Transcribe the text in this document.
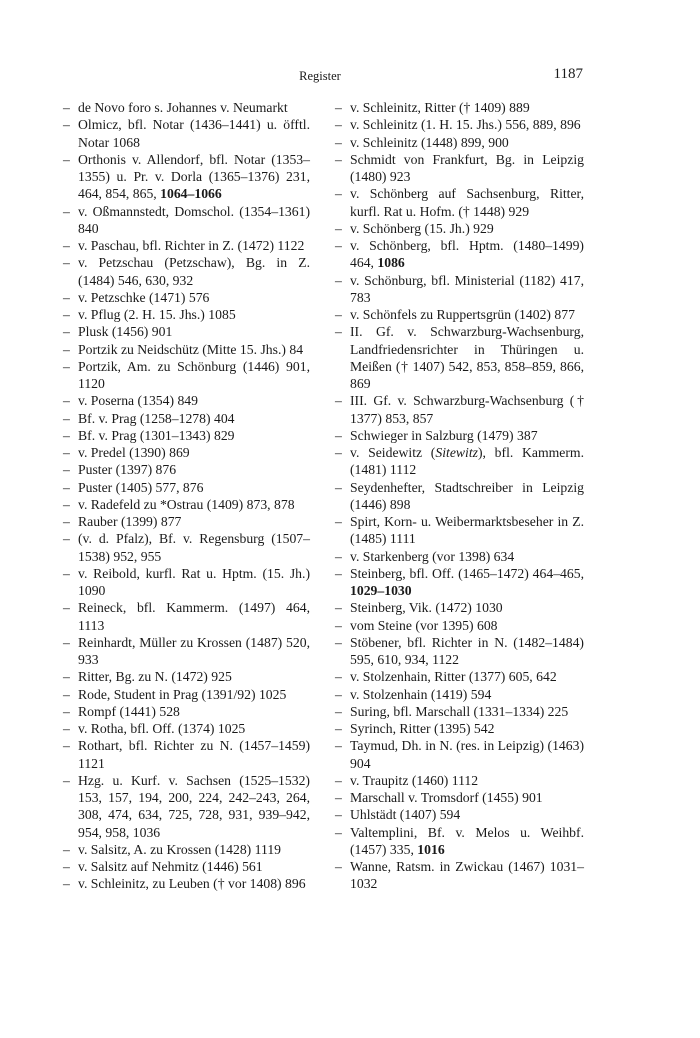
Register	1187
– de Novo foro s. Johannes v. Neumarkt
– Olmicz, bfl. Notar (1436–1441) u. öfftl. Notar 1068
– Orthonis v. Allendorf, bfl. Notar (1353–1355) u. Pr. v. Dorla (1365–1376) 231, 464, 854, 865, 1064–1066
– v. Oßmannstedt, Domschol. (1354–1361) 840
– v. Paschau, bfl. Richter in Z. (1472) 1122
– v. Petzschau (Petzschaw), Bg. in Z. (1484) 546, 630, 932
– v. Petzschke (1471) 576
– v. Pflug (2. H. 15. Jhs.) 1085
– Plusk (1456) 901
– Portzik zu Neidschütz (Mitte 15. Jhs.) 84
– Portzik, Am. zu Schönburg (1446) 901, 1120
– v. Poserna (1354) 849
– Bf. v. Prag (1258–1278) 404
– Bf. v. Prag (1301–1343) 829
– v. Predel (1390) 869
– Puster (1397) 876
– Puster (1405) 577, 876
– v. Radefeld zu *Ostrau (1409) 873, 878
– Rauber (1399) 877
– (v. d. Pfalz), Bf. v. Regensburg (1507–1538) 952, 955
– v. Reibold, kurfl. Rat u. Hptm. (15. Jh.) 1090
– Reineck, bfl. Kammerm. (1497) 464, 1113
– Reinhardt, Müller zu Krossen (1487) 520, 933
– Ritter, Bg. zu N. (1472) 925
– Rode, Student in Prag (1391/92) 1025
– Rompf (1441) 528
– v. Rotha, bfl. Off. (1374) 1025
– Rothart, bfl. Richter zu N. (1457–1459) 1121
– Hzg. u. Kurf. v. Sachsen (1525–1532) 153, 157, 194, 200, 224, 242–243, 264, 308, 474, 634, 725, 728, 931, 939–942, 954, 958, 1036
– v. Salsitz, A. zu Krossen (1428) 1119
– v. Salsitz auf Nehmitz (1446) 561
– v. Schleinitz, zu Leuben († vor 1408) 896
– v. Schleinitz, Ritter († 1409) 889
– v. Schleinitz (1. H. 15. Jhs.) 556, 889, 896
– v. Schleinitz (1448) 899, 900
– Schmidt von Frankfurt, Bg. in Leipzig (1480) 923
– v. Schönberg auf Sachsenburg, Ritter, kurfl. Rat u. Hofm. († 1448) 929
– v. Schönberg (15. Jh.) 929
– v. Schönberg, bfl. Hptm. (1480–1499) 464, 1086
– v. Schönburg, bfl. Ministerial (1182) 417, 783
– v. Schönfels zu Ruppertsgrün (1402) 877
– II. Gf. v. Schwarzburg-Wachsenburg, Landfriedensrichter in Thüringen u. Meißen († 1407) 542, 853, 858–859, 866, 869
– III. Gf. v. Schwarzburg-Wachsenburg († 1377) 853, 857
– Schwieger in Salzburg (1479) 387
– v. Seidewitz (Sitewitz), bfl. Kammerm. (1481) 1112
– Seydenhefter, Stadtschreiber in Leipzig (1446) 898
– Spirt, Korn- u. Weibermarktsbeseher in Z. (1485) 1111
– v. Starkenberg (vor 1398) 634
– Steinberg, bfl. Off. (1465–1472) 464–465, 1029–1030
– Steinberg, Vik. (1472) 1030
– vom Steine (vor 1395) 608
– Stöbener, bfl. Richter in N. (1482–1484) 595, 610, 934, 1122
– v. Stolzenhain, Ritter (1377) 605, 642
– v. Stolzenhain (1419) 594
– Suring, bfl. Marschall (1331–1334) 225
– Syrinch, Ritter (1395) 542
– Taymud, Dh. in N. (res. in Leipzig) (1463) 904
– v. Traupitz (1460) 1112
– Marschall v. Tromsdorf (1455) 901
– Uhlstädt (1407) 594
– Valtemplini, Bf. v. Melos u. Weihbf. (1457) 335, 1016
– Wanne, Ratsm. in Zwickau (1467) 1031–1032
